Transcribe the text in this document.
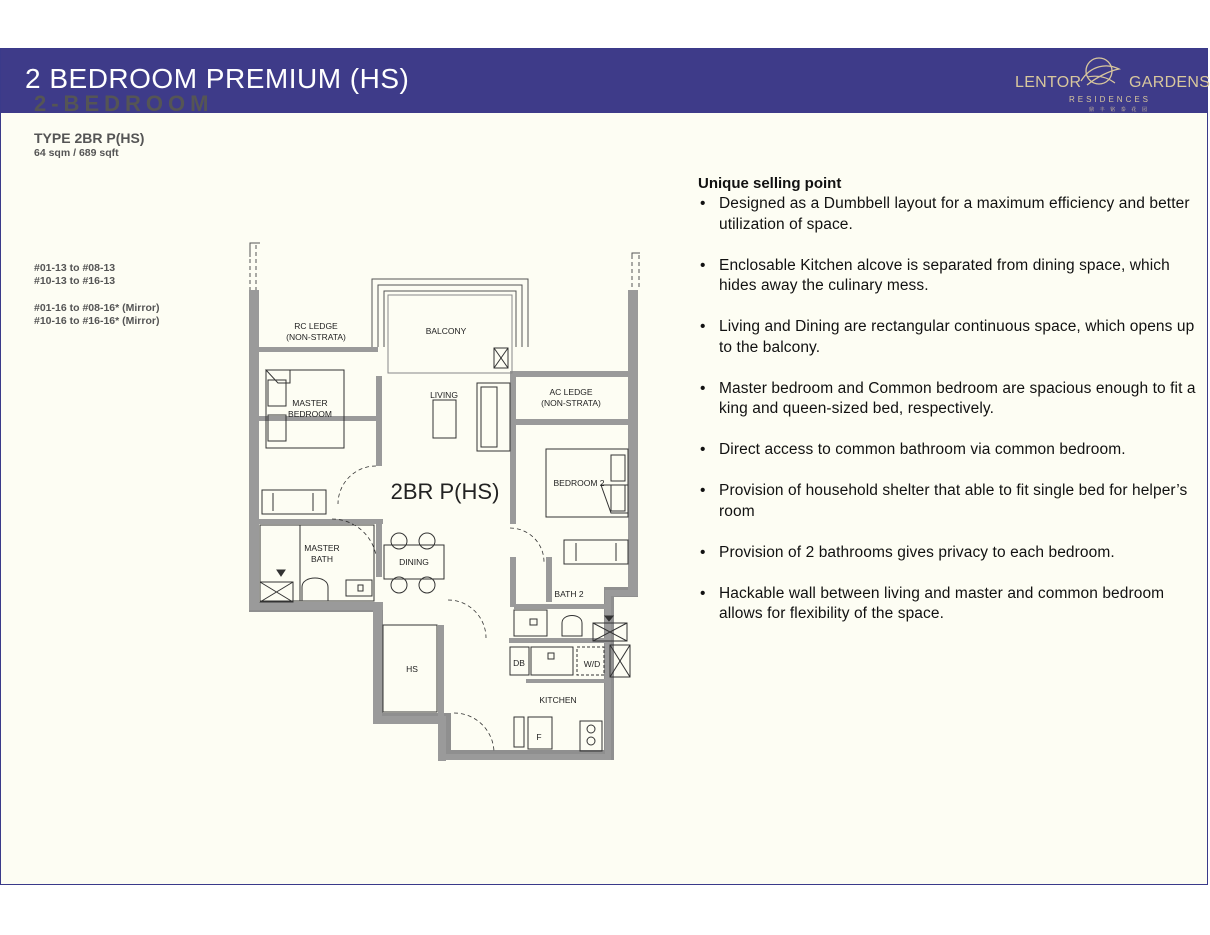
2 BEDROOM PREMIUM (HS)	LENTOR	GARDENS
RESIDENCES
鼎 丰 铭 泰 花 园
2-BEDROOM
TYPE 2BR P(HS)
64 sqm / 689 sqft
#01-13 to #08-13
#10-13 to #16-13
#01-16 to #08-16* (Mirror)
#10-16 to #16-16* (Mirror)	RC LEDGE
(NON-STRATA)
BALCONY
LIVING	AC LEDGE
(NON-STRATA)
MASTER
BEDROOM
BEDROOM 2
MASTER
BATH	DINING
BATH 2
HS
DB	W/D
KITCHEN
F
2BR P(HS)
Unique selling point
• Designed as a Dumbbell layout for a maximum efficiency and better utilization of space.
• Enclosable Kitchen alcove is separated from dining space, which hides away the culinary mess.
• Living and Dining are rectangular continuous space, which opens up to the balcony.
• Master bedroom and Common bedroom are spacious enough to fit a king and queen-sized bed, respectively.
• Direct access to common bathroom via common bedroom.
• Provision of household shelter that able to fit single bed for helper’s room
• Provision of 2 bathrooms gives privacy to each bedroom.
• Hackable wall between living and master and common bedroom allows for flexibility of the space.
